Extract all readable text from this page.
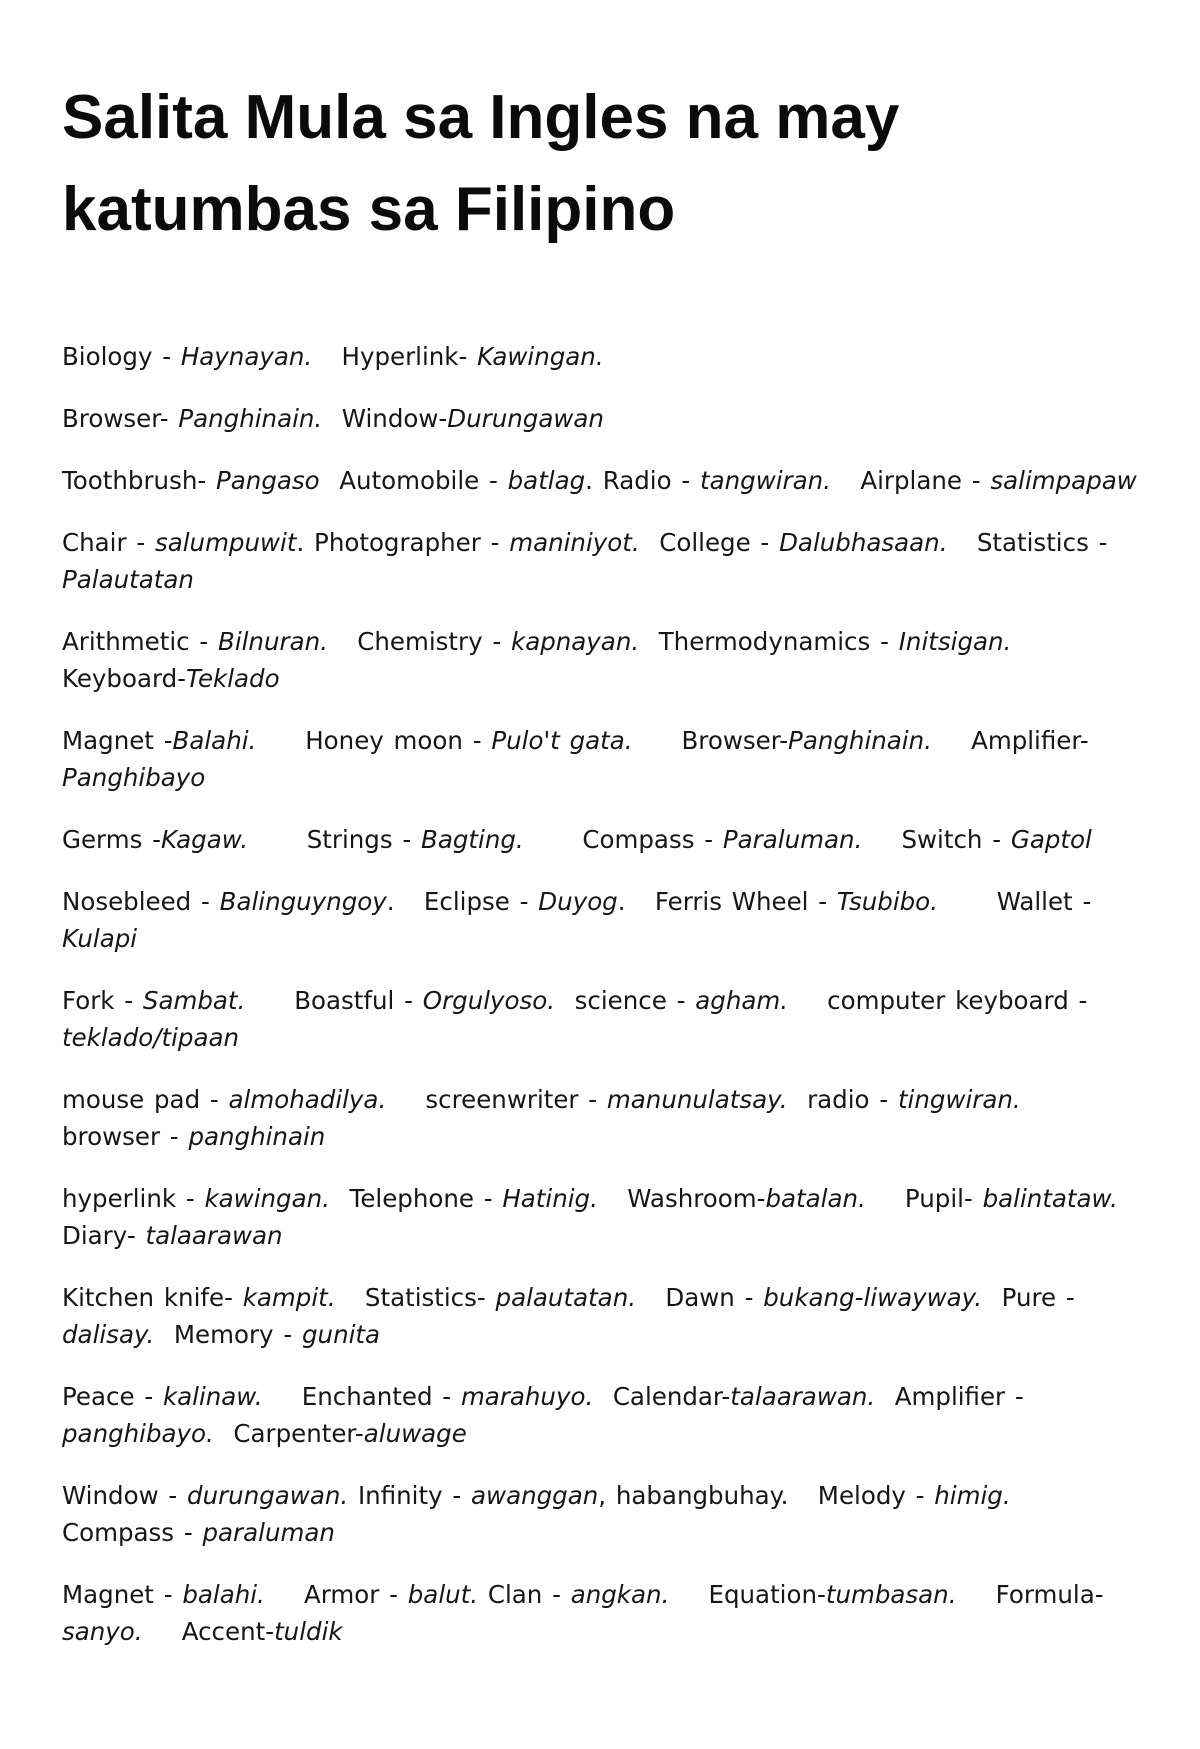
Salita Mula sa Ingles na may katumbas sa Filipino

Biology - Haynayan.   Hyperlink- Kawingan.

Browser- Panghinain.  Window-Durungawan

Toothbrush- Pangaso  Automobile - batlag. Radio - tangwiran.   Airplane - salimpapaw

Chair - salumpuwit. Photographer - maniniyot.  College - Dalubhasaan.   Statistics - Palautatan

Arithmetic - Bilnuran.   Chemistry - kapnayan.  Thermodynamics - Initsigan.  Keyboard-Teklado

Magnet -Balahi.     Honey moon - Pulo't gata.     Browser-Panghinain.    Amplifier-Panghibayo

Germs -Kagaw.      Strings - Bagting.      Compass - Paraluman.    Switch - Gaptol

Nosebleed - Balinguyngoy.   Eclipse - Duyog.   Ferris Wheel - Tsubibo.      Wallet - Kulapi

Fork - Sambat.     Boastful - Orgulyoso.  science - agham.    computer keyboard - teklado/tipaan

mouse pad - almohadilya.    screenwriter - manunulatsay.  radio - tingwiran.   browser - panghinain

hyperlink - kawingan.  Telephone - Hatinig.   Washroom-batalan.    Pupil- balintataw.   Diary- talaarawan

Kitchen knife- kampit.   Statistics- palautatan.   Dawn - bukang-liwayway.  Pure - dalisay.  Memory - gunita

Peace - kalinaw.    Enchanted - marahuyo.  Calendar-talaarawan.  Amplifier - panghibayo.  Carpenter-aluwage

Window - durungawan. Infinity - awanggan, habangbuhay.   Melody - himig.  Compass - paraluman

Magnet - balahi.    Armor - balut. Clan - angkan.    Equation-tumbasan.    Formula- sanyo.    Accent-tuldik
